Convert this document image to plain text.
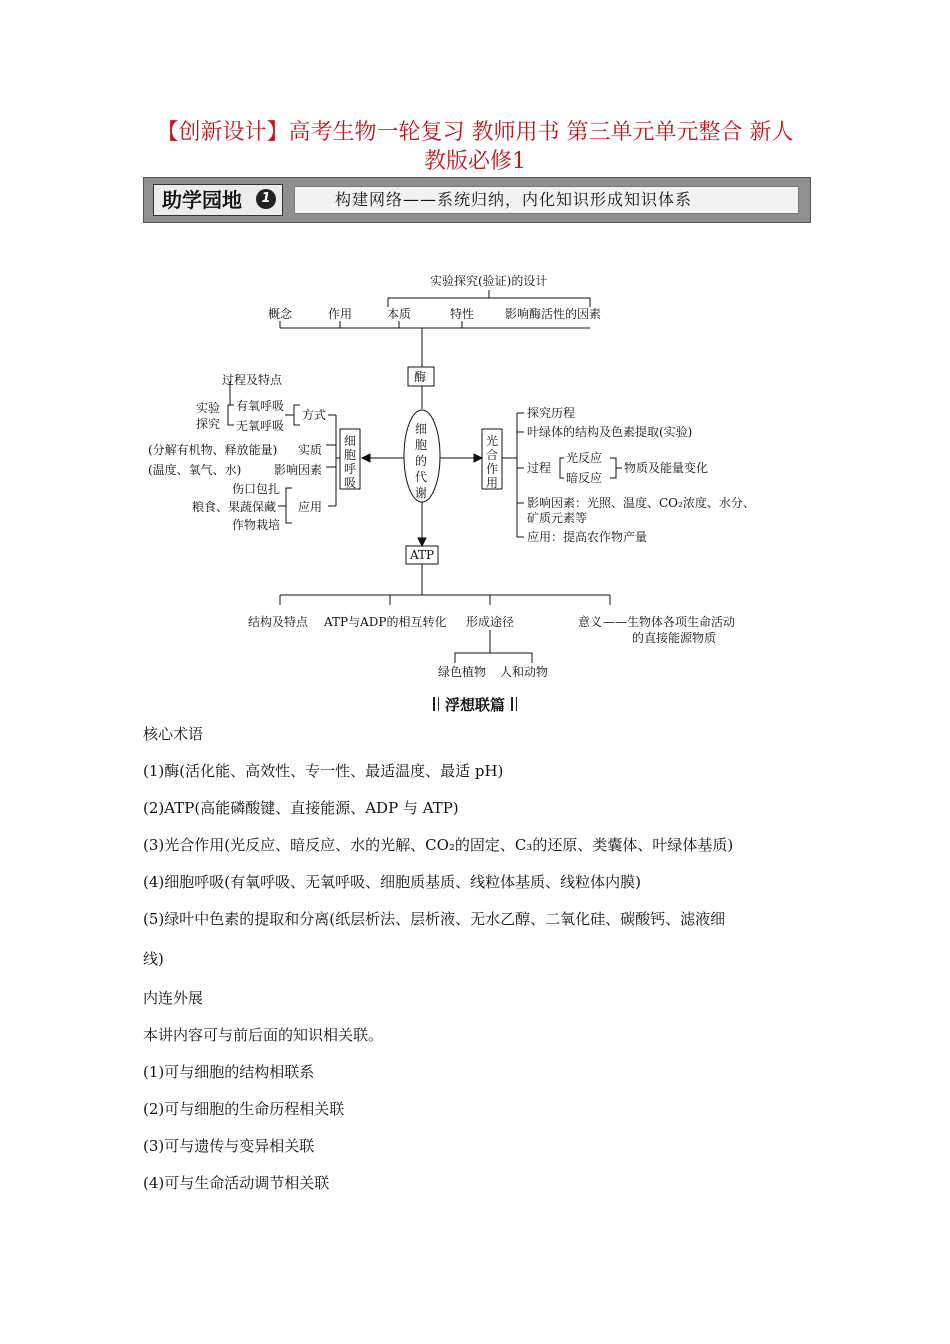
【创新设计】高考生物一轮复习 教师用书 第三单元单元整合 新人
教版必修1
助学园地	1	构建网络——系统归纳，内化知识形成知识体系
实验探究(验证)的设计
概念	作用	本质	特性	影响酶活性的因素
酶
细
胞
的
代
谢
细
胞
呼
吸
光
合
作
用
过程及特点
实验
探究
有氧呼吸
无氧呼吸
方式
(分解有机物、释放能量) 实质
(温度、氧气、水)	影响因素
伤口包扎
粮食、果蔬保藏
作物栽培
应用
探究历程
叶绿体的结构及色素提取(实验)
过程
光反应
暗反应
物质及能量变化
影响因素：光照、温度、CO₂浓度、水分、
矿质元素等
应用：提高农作物产量
ATP
结构及特点 ATP与ADP的相互转化 形成途径	意义 ——生物体各项生命活动
的直接能源物质
绿色植物 人和动物
浮想联篇
核心术语
(1)酶(活化能、高效性、专一性、最适温度、最适 pH)
(2)ATP(高能磷酸键、直接能源、ADP 与 ATP)
(3)光合作用(光反应、暗反应、水的光解、CO₂的固定、C₃的还原、类囊体、叶绿体基质)
(4)细胞呼吸(有氧呼吸、无氧呼吸、细胞质基质、线粒体基质、线粒体内膜)
(5)绿叶中色素的提取和分离(纸层析法、层析液、无水乙醇、二氧化硅、碳酸钙、滤液细
线)
内连外展
本讲内容可与前后面的知识相关联。
(1)可与细胞的结构相联系
(2)可与细胞的生命历程相关联
(3)可与遗传与变异相关联
(4)可与生命活动调节相关联
